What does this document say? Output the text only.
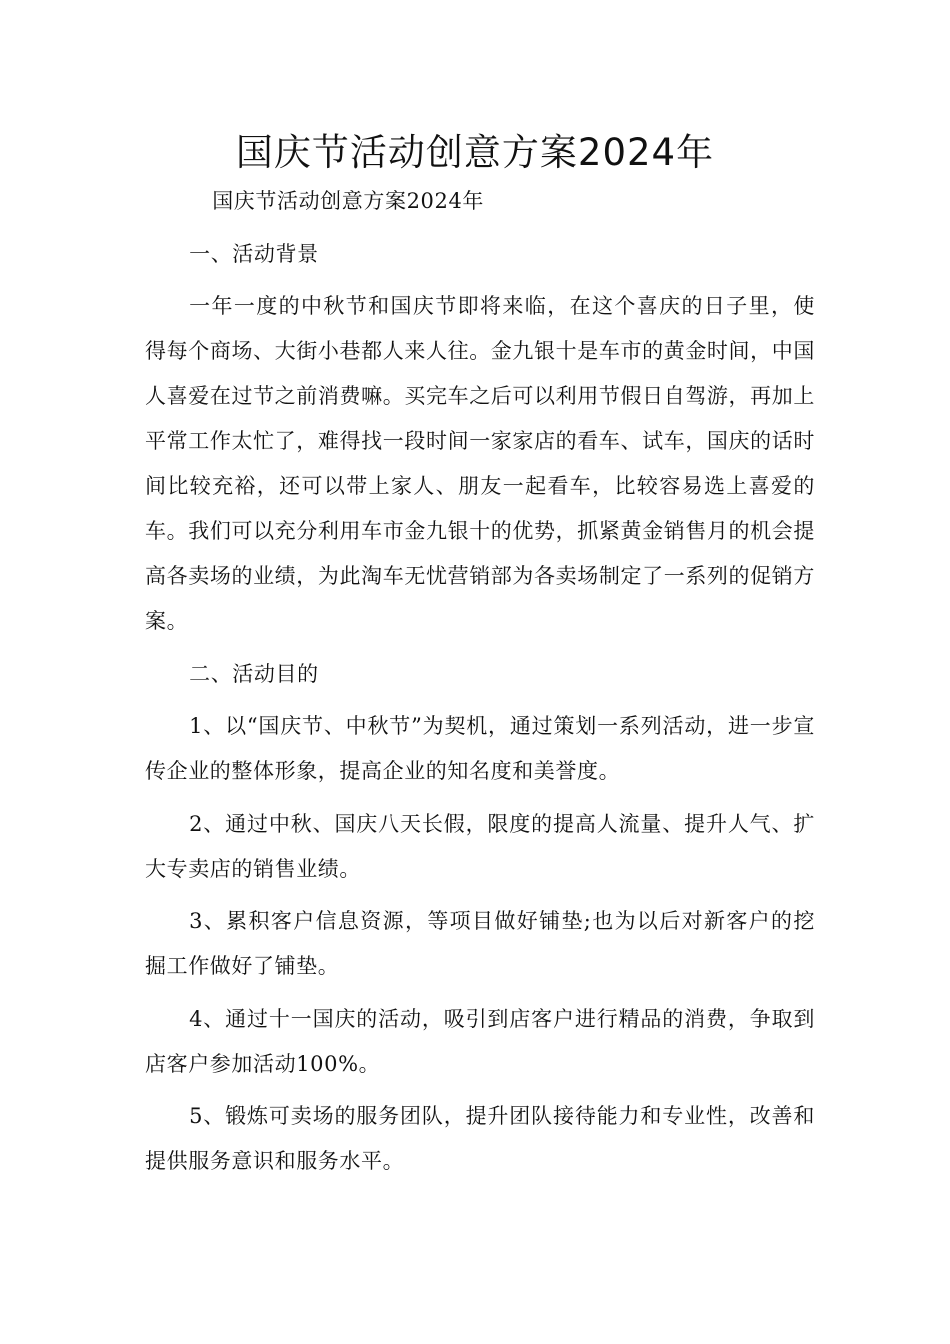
国庆节活动创意方案2024年

国庆节活动创意方案2024年

一、活动背景

一年一度的中秋节和国庆节即将来临，在这个喜庆的日子里，使得每个商场、大街小巷都人来人往。金九银十是车市的黄金时间，中国人喜爱在过节之前消费嘛。买完车之后可以利用节假日自驾游，再加上平常工作太忙了，难得找一段时间一家家店的看车、试车，国庆的话时间比较充裕，还可以带上家人、朋友一起看车，比较容易选上喜爱的车。我们可以充分利用车市金九银十的优势，抓紧黄金销售月的机会提高各卖场的业绩，为此淘车无忧营销部为各卖场制定了一系列的促销方案。

二、活动目的

1、以“国庆节、中秋节”为契机，通过策划一系列活动，进一步宣传企业的整体形象，提高企业的知名度和美誉度。

2、通过中秋、国庆八天长假，限度的提高人流量、提升人气、扩大专卖店的销售业绩。

3、累积客户信息资源，等项目做好铺垫;也为以后对新客户的挖掘工作做好了铺垫。

4、通过十一国庆的活动，吸引到店客户进行精品的消费，争取到店客户参加活动100%。

5、锻炼可卖场的服务团队，提升团队接待能力和专业性，改善和提供服务意识和服务水平。
